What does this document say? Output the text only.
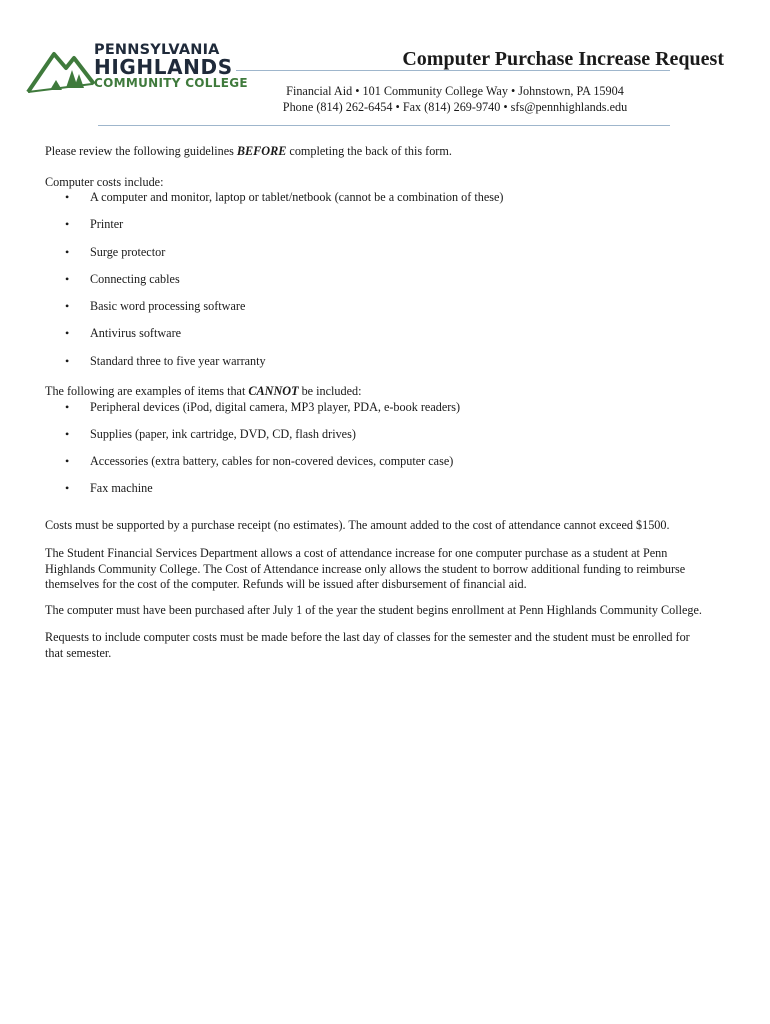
PENNSYLVANIA
HIGHLANDS
COMMUNITY COLLEGE
Computer Purchase Increase Request
Financial Aid • 101 Community College Way • Johnstown, PA 15904
Phone (814) 262-6454 • Fax (814) 269-9740 • sfs@pennhighlands.edu

Please review the following guidelines BEFORE completing the back of this form.

Computer costs include:

• A computer and monitor, laptop or tablet/netbook (cannot be a combination of these)
• Printer
• Surge protector
• Connecting cables
• Basic word processing software
• Antivirus software
• Standard three to five year warranty

The following are examples of items that CANNOT be included:

• Peripheral devices (iPod, digital camera, MP3 player, PDA, e-book readers)
• Supplies (paper, ink cartridge, DVD, CD, flash drives)
• Accessories (extra battery, cables for non-covered devices, computer case)
• Fax machine

Costs must be supported by a purchase receipt (no estimates). The amount added to the cost of attendance cannot exceed $1500.

The Student Financial Services Department allows a cost of attendance increase for one computer purchase as a student at Penn
Highlands Community College. The Cost of Attendance increase only allows the student to borrow additional funding to reimburse
themselves for the cost of the computer. Refunds will be issued after disbursement of financial aid.

The computer must have been purchased after July 1 of the year the student begins enrollment at Penn Highlands Community College.

Requests to include computer costs must be made before the last day of classes for the semester and the student must be enrolled for
that semester.
